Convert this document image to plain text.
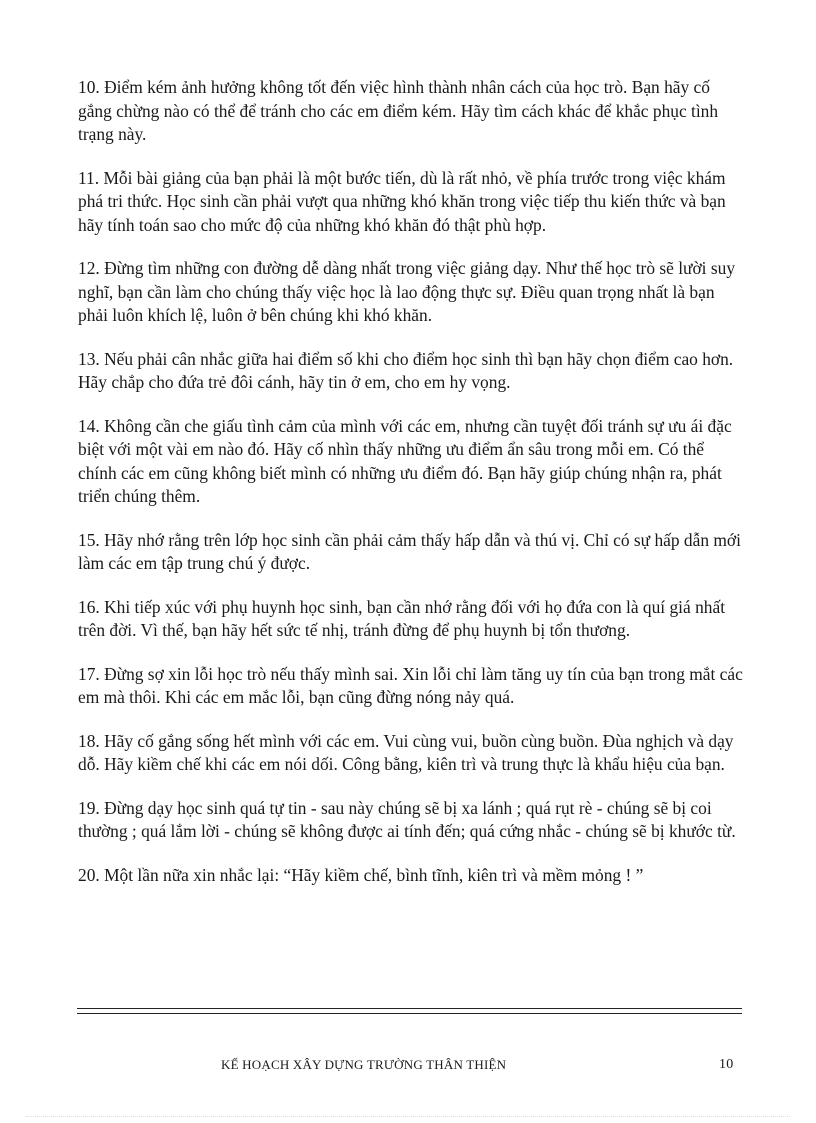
10. Điểm kém ảnh hưởng không tốt đến việc hình thành nhân cách của học trò. Bạn hãy cố gắng chừng nào có thể để tránh cho các em điểm kém. Hãy tìm cách khác để khắc phục tình trạng này.

11. Mỗi bài giảng của bạn phải là một bước tiến, dù là rất nhỏ, về phía trước trong việc khám phá tri thức. Học sinh cần phải vượt qua những khó khăn trong việc tiếp thu kiến thức và bạn hãy tính toán sao cho mức độ của những khó khăn đó thật phù hợp.

12. Đừng tìm những con đường dễ dàng nhất trong việc giảng dạy. Như thế học trò sẽ lười suy nghĩ, bạn cần làm cho chúng thấy việc học là lao động thực sự. Điều quan trọng nhất là bạn phải luôn khích lệ, luôn ở bên chúng khi khó khăn.

13. Nếu phải cân nhắc giữa hai điểm số khi cho điểm học sinh thì bạn hãy chọn điểm cao hơn. Hãy chắp cho đứa trẻ đôi cánh, hãy tin ở em, cho em hy vọng.

14. Không cần che giấu tình cảm của mình với các em, nhưng cần tuyệt đối tránh sự ưu ái đặc biệt với một vài em nào đó. Hãy cố nhìn thấy những ưu điểm ẩn sâu trong mỗi em. Có thể chính các em cũng không biết mình có những ưu điểm đó. Bạn hãy giúp chúng nhận ra, phát triển chúng thêm.

15. Hãy nhớ rằng trên lớp học sinh cần phải cảm thấy hấp dẫn và thú vị. Chỉ có sự hấp dẫn mới làm các em tập trung chú ý được.

16. Khi tiếp xúc với phụ huynh học sinh, bạn cần nhớ rằng đối với họ đứa con là quí giá nhất trên đời. Vì thế, bạn hãy hết sức tế nhị, tránh đừng để phụ huynh bị tổn thương.

17. Đừng sợ xin lỗi học trò nếu thấy mình sai. Xin lỗi chỉ làm tăng uy tín của bạn trong mắt các em mà thôi. Khi các em mắc lỗi, bạn cũng đừng nóng nảy quá.

18. Hãy cố gắng sống hết mình với các em. Vui cùng vui, buồn cùng buồn. Đùa nghịch và dạy dỗ. Hãy kiềm chế khi các em nói dối. Công bằng, kiên trì và trung thực là khẩu hiệu của bạn.

19. Đừng dạy học sinh quá tự tin - sau này chúng sẽ bị xa lánh ; quá rụt rè - chúng sẽ bị coi thường ; quá lắm lời - chúng sẽ không được ai tính đến; quá cứng nhắc - chúng sẽ bị khước từ.

20. Một lần nữa xin nhắc lại: “Hãy kiềm chế, bình tĩnh, kiên trì và mềm mỏng ! ”

KẾ HOẠCH XÂY DỰNG TRƯỜNG THÂN THIỆN	10
